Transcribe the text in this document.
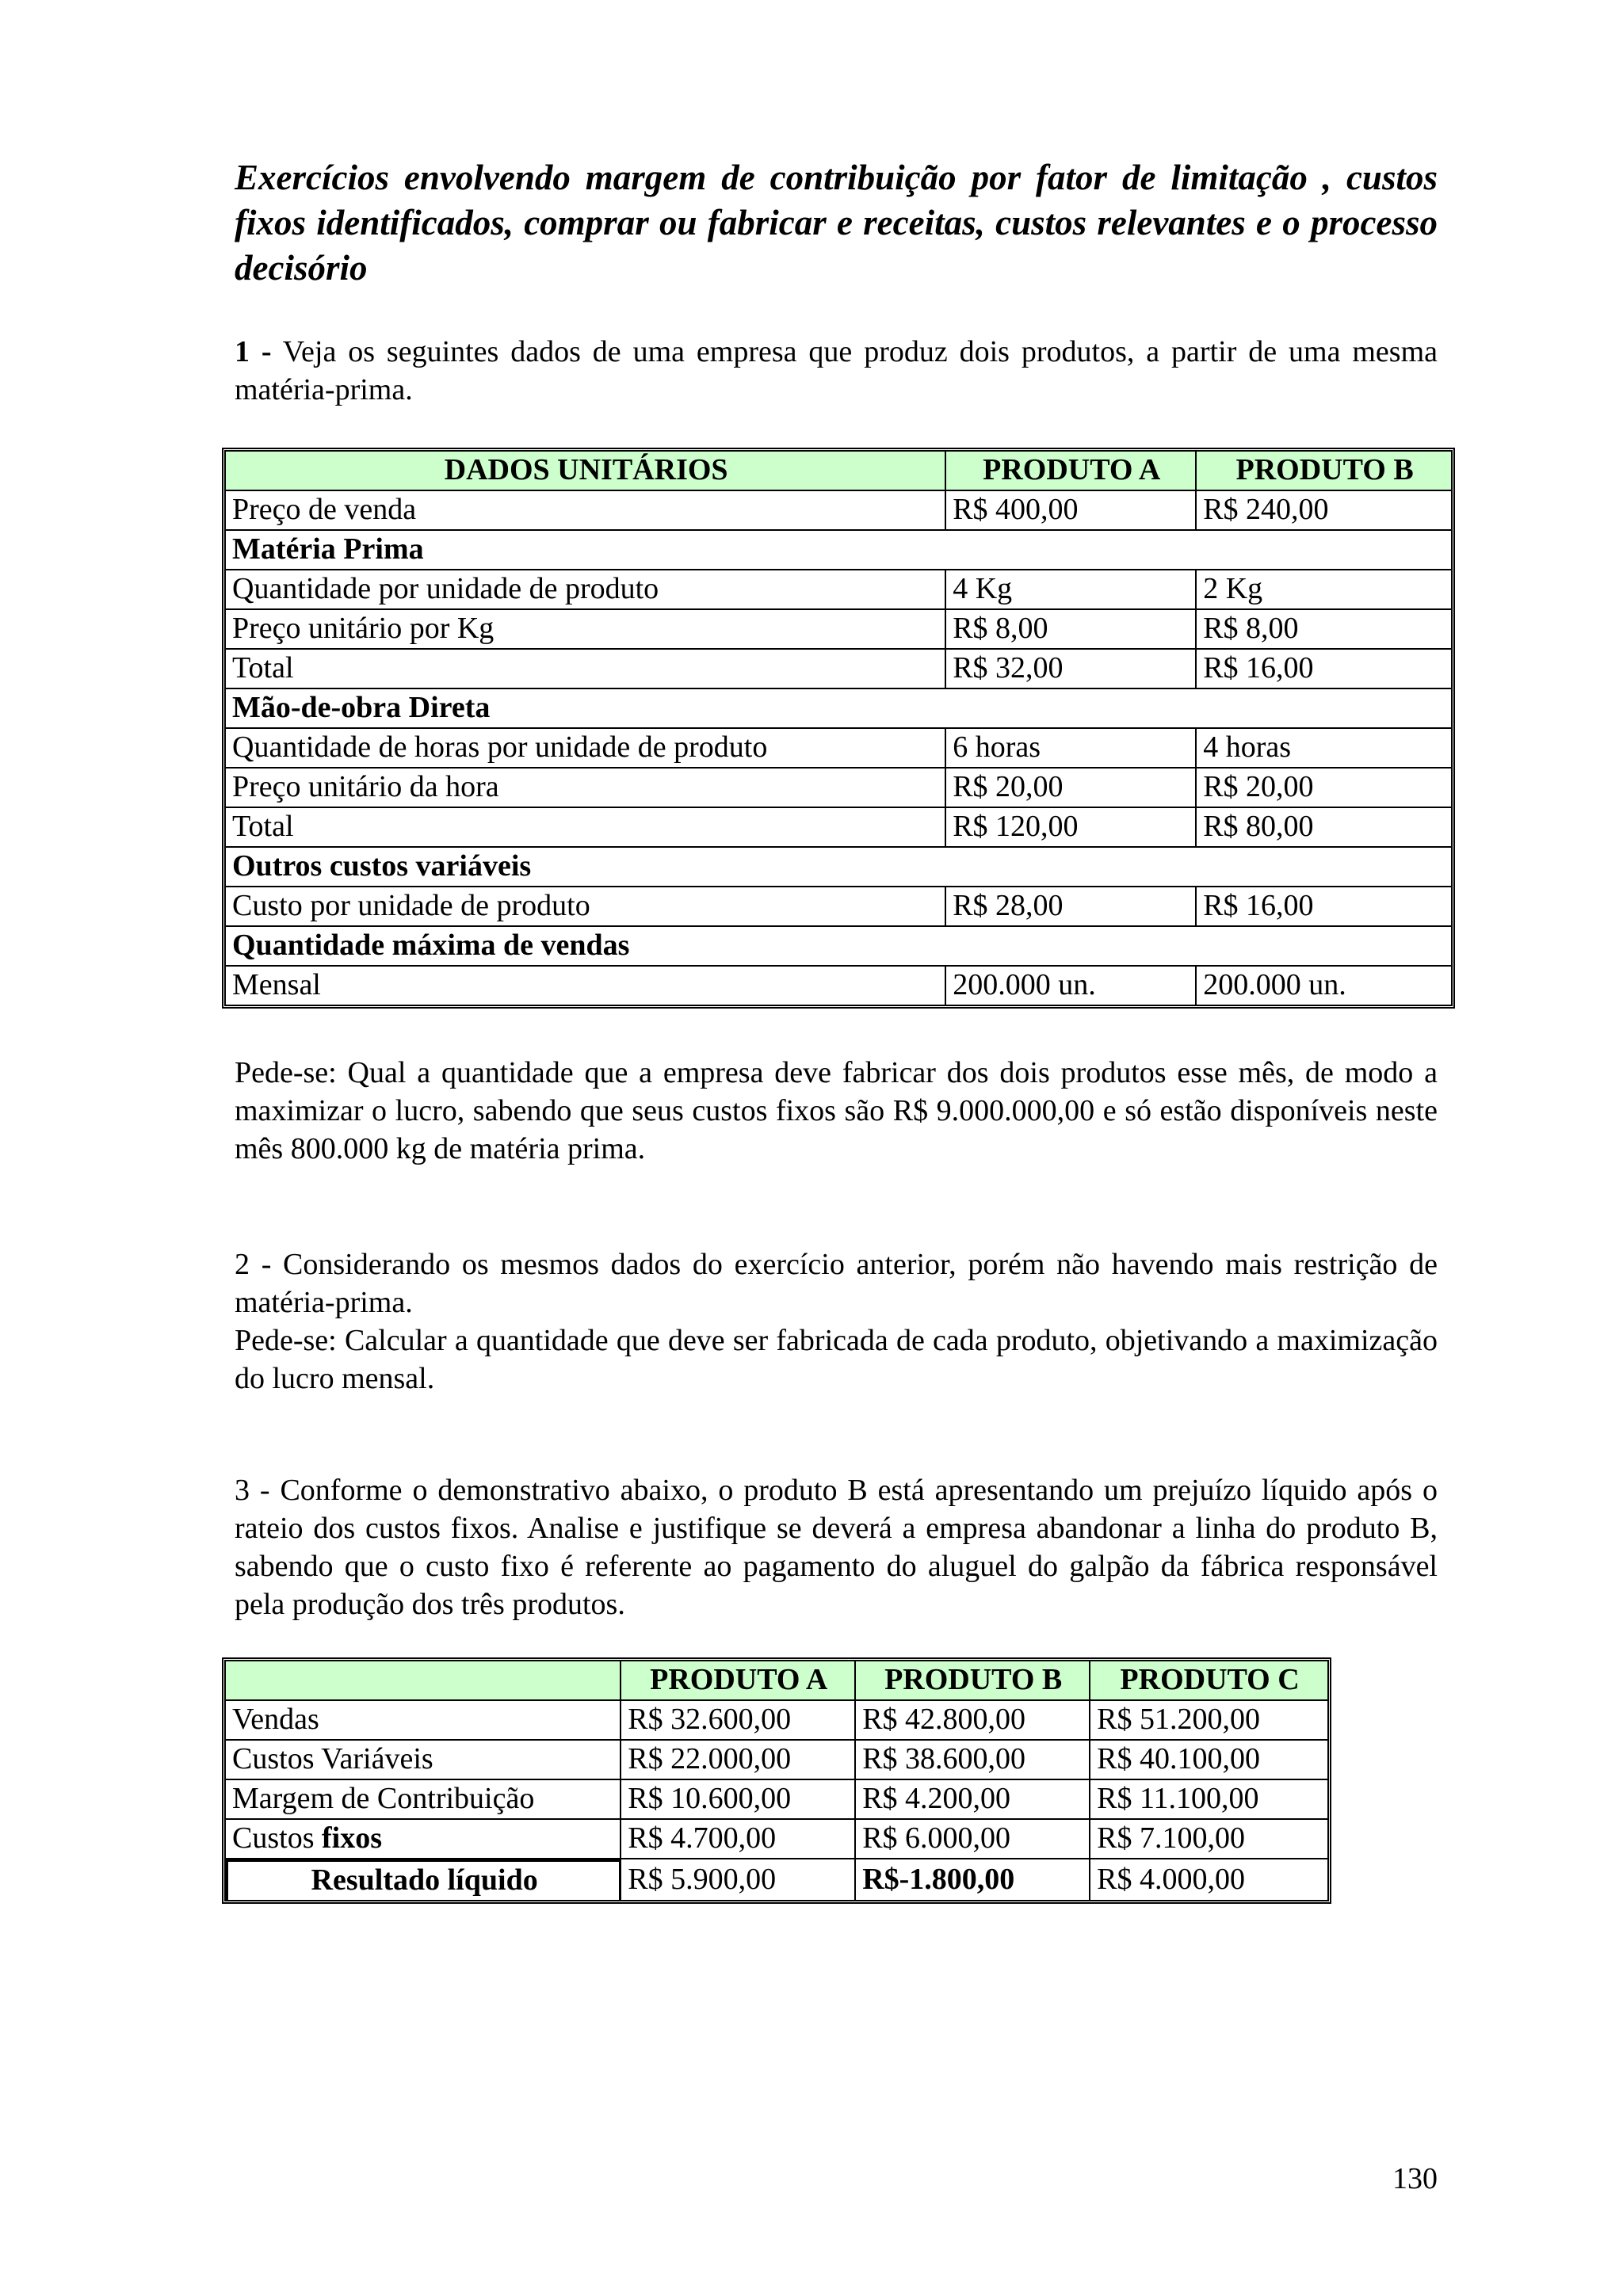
Exercícios envolvendo margem de contribuição por fator de limitação , custos fixos identificados, comprar ou fabricar e receitas, custos relevantes e o processo decisório

1 - Veja os seguintes dados de uma empresa que produz dois produtos, a partir de uma mesma matéria-prima.

DADOS UNITÁRIOS	PRODUTO A	PRODUTO B
Preço de venda	R$ 400,00	R$ 240,00
Matéria Prima		
Quantidade por unidade de produto	4 Kg	2 Kg
Preço unitário por Kg	R$ 8,00	R$ 8,00
Total	R$ 32,00	R$ 16,00
Mão-de-obra Direta		
Quantidade de horas por unidade de produto	6 horas	4 horas
Preço unitário da hora	R$ 20,00	R$ 20,00
Total	R$ 120,00	R$ 80,00
Outros custos variáveis		
Custo por unidade de produto	R$ 28,00	R$ 16,00
Quantidade máxima de vendas		
Mensal	200.000 un.	200.000 un.

Pede-se: Qual a quantidade que a empresa deve fabricar dos dois produtos esse mês, de modo a maximizar o lucro, sabendo que seus custos fixos são R$ 9.000.000,00 e só estão disponíveis neste mês 800.000 kg de matéria prima.

2 - Considerando os mesmos dados do exercício anterior, porém não havendo mais restrição de matéria-prima.

Pede-se: Calcular a quantidade que deve ser fabricada de cada produto, objetivando a maximização do lucro mensal.

3 - Conforme o demonstrativo abaixo, o produto B está apresentando um prejuízo líquido após o rateio dos custos fixos. Analise e justifique se deverá a empresa abandonar a linha do produto B, sabendo que o custo fixo é referente ao pagamento do aluguel do galpão da fábrica responsável pela produção dos três produtos.

	PRODUTO A	PRODUTO B	PRODUTO C
Vendas	R$ 32.600,00	R$ 42.800,00	R$ 51.200,00
Custos Variáveis	R$ 22.000,00	R$ 38.600,00	R$ 40.100,00
Margem de Contribuição	R$ 10.600,00	R$ 4.200,00	R$ 11.100,00
Custos fixos	R$ 4.700,00	R$ 6.000,00	R$ 7.100,00
Resultado líquido	R$ 5.900,00	R$-1.800,00	R$ 4.000,00
130
